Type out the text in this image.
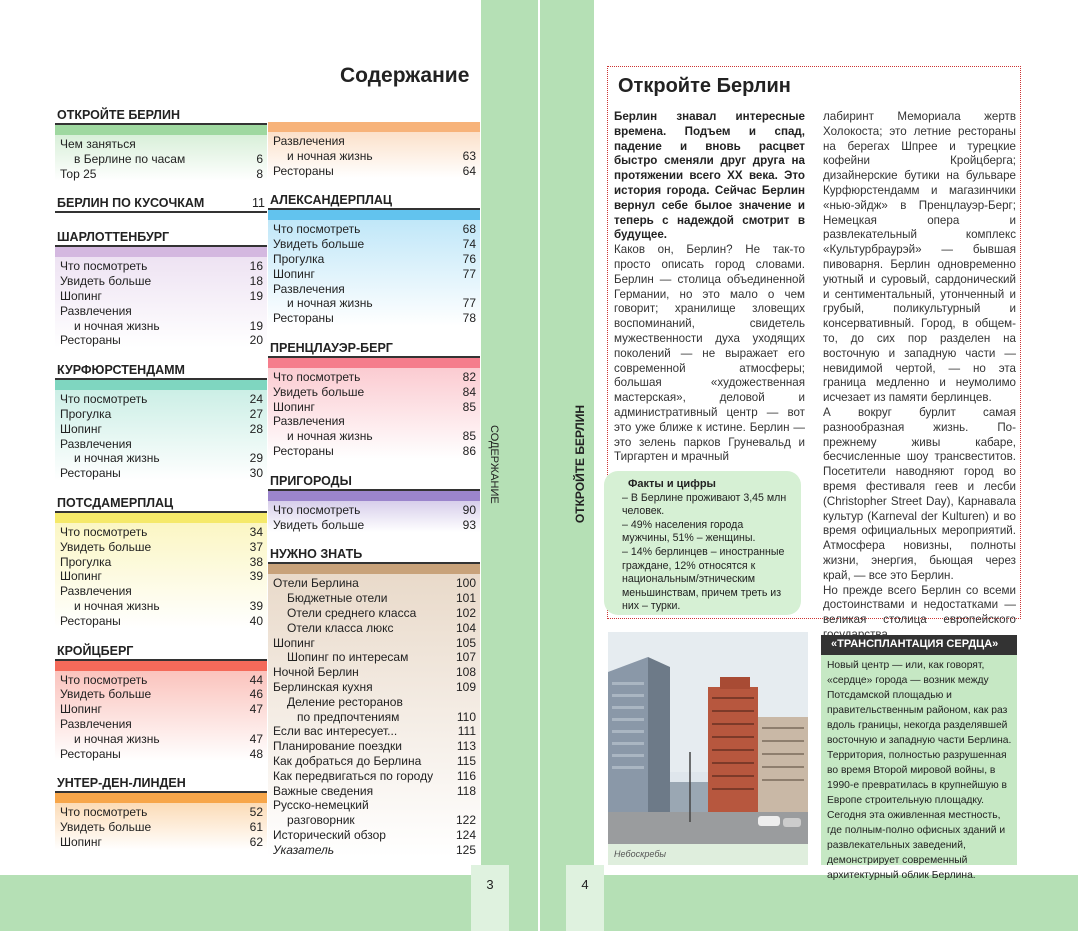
3	4
СОДЕРЖАНИЕ	ОТКРОЙТЕ БЕРЛИН
Содержание
ОТКРОЙТЕ БЕРЛИН
Чем заняться
в Берлине по часам	6
Тор 25	8
БЕРЛИН ПО КУСОЧКАМ	11
ШАРЛОТТЕНБУРГ
Что посмотреть	16
Увидеть больше	18
Шопинг	19
Развлечения
и ночная жизнь	19
Рестораны	20
КУРФЮРСТЕНДАММ
Что посмотреть	24
Прогулка	27
Шопинг	28
Развлечения
и ночная жизнь	29
Рестораны	30
ПОТСДАМЕРПЛАЦ
Что посмотреть	34
Увидеть больше	37
Прогулка	38
Шопинг	39
Развлечения
и ночная жизнь	39
Рестораны	40
КРОЙЦБЕРГ
Что посмотреть	44
Увидеть больше	46
Шопинг	47
Развлечения
и ночная жизнь	47
Рестораны	48
УНТЕР-ДЕН-ЛИНДЕН
Что посмотреть	52
Увидеть больше	61
Шопинг	62
Развлечения
и ночная жизнь	63
Рестораны	64
АЛЕКСАНДЕРПЛАЦ
Что посмотреть	68
Увидеть больше	74
Прогулка	76
Шопинг	77
Развлечения
и ночная жизнь	77
Рестораны	78
ПРЕНЦЛАУЭР-БЕРГ
Что посмотреть	82
Увидеть больше	84
Шопинг	85
Развлечения
и ночная жизнь	85
Рестораны	86
ПРИГОРОДЫ
Что посмотреть	90
Увидеть больше	93
НУЖНО ЗНАТЬ
Отели Берлина	100
Бюджетные отели	101
Отели среднего класса	102
Отели класса люкс	104
Шопинг	105
Шопинг по интересам	107
Ночной Берлин	108
Берлинская кухня	109
Деление ресторанов
по предпочтениям	110
Если вас интересует...	111
Планирование поездки	113
Как добраться до Берлина	115
Как передвигаться по городу 116
Важные сведения	118
Русско-немецкий
разговорник	122
Исторический обзор	124
Указатель	125
Откройте Берлин
Берлин знавал интересные времена. Подъем и спад, падение и вновь расцвет быстро сменяли друг друга на протяжении всего XX века. Это история города. Сейчас Берлин вернул себе былое значение и теперь с надеждой смотрит в будущее.
Каков он, Берлин? Не так-то просто описать город словами. Берлин — столица объединенной Германии, но это мало о чем говорит; хранилище зловещих воспоминаний, свидетель мужественности духа уходящих поколений — не выражает его современной атмосферы; большая «художественная мастерская», деловой и административный центр — вот это уже ближе к истине. Берлин — это зелень парков Груневальд и Тиргартен и мрачный
лабиринт Мемориала жертв Холокоста; это летние рестораны на берегах Шпрее и турецкие кофейни Кройцберга; дизайнерские бутики на бульваре Курфюрстендамм и магазинчики «нью-эйдж» в Пренцлауэр-Берг; Немецкая опера и развлекательный комплекс «Культурбраурэй» — бывшая пивоварня. Берлин одновременно уютный и суровый, сардонический и сентиментальный, утонченный и грубый, поликультурный и консервативный. Город, в общем-то, до сих пор разделен на восточную и западную части — невидимой чертой, — но эта граница медленно и неумолимо исчезает из памяти берлинцев.
А вокруг бурлит самая разнообразная жизнь. По-прежнему живы кабаре, бесчисленные шоу трансвеститов. Посетители наводняют город во время фестиваля геев и лесби (Christopher Street Day), Карнавала культур (Karneval der Kulturen) и во время официальных мероприятий. Атмосфера новизны, полноты жизни, энергия, бьющая через край, — все это Берлин.
Но прежде всего Берлин со всеми достоинствами и недостатками — великая столица европейского
Факты и цифры
– В Берлине проживают 3,45 млн человек.
– 49% населения города мужчины, 51% – женщины.
– 14% берлинцев – иностранные граждане, 12% относятся к национальным/этническим меньшинствам, причем треть из них – турки.
Небоскребы
«ТРАНСПЛАНТАЦИЯ СЕРДЦА»
Новый центр — или, как говорят, «сердце» города — возник между Потсдамской площадью и правительственным районом, как раз вдоль границы, некогда разделявшей восточную и западную части Берлина. Территория, полностью разрушенная во время Второй мировой войны, в 1990-е превратилась в крупнейшую в Европе строительную площадку. Сегодня эта оживленная местность, где полным-полно офисных зданий и развлекательных заведений, демонстрирует современный архитектурный облик Берлина.
